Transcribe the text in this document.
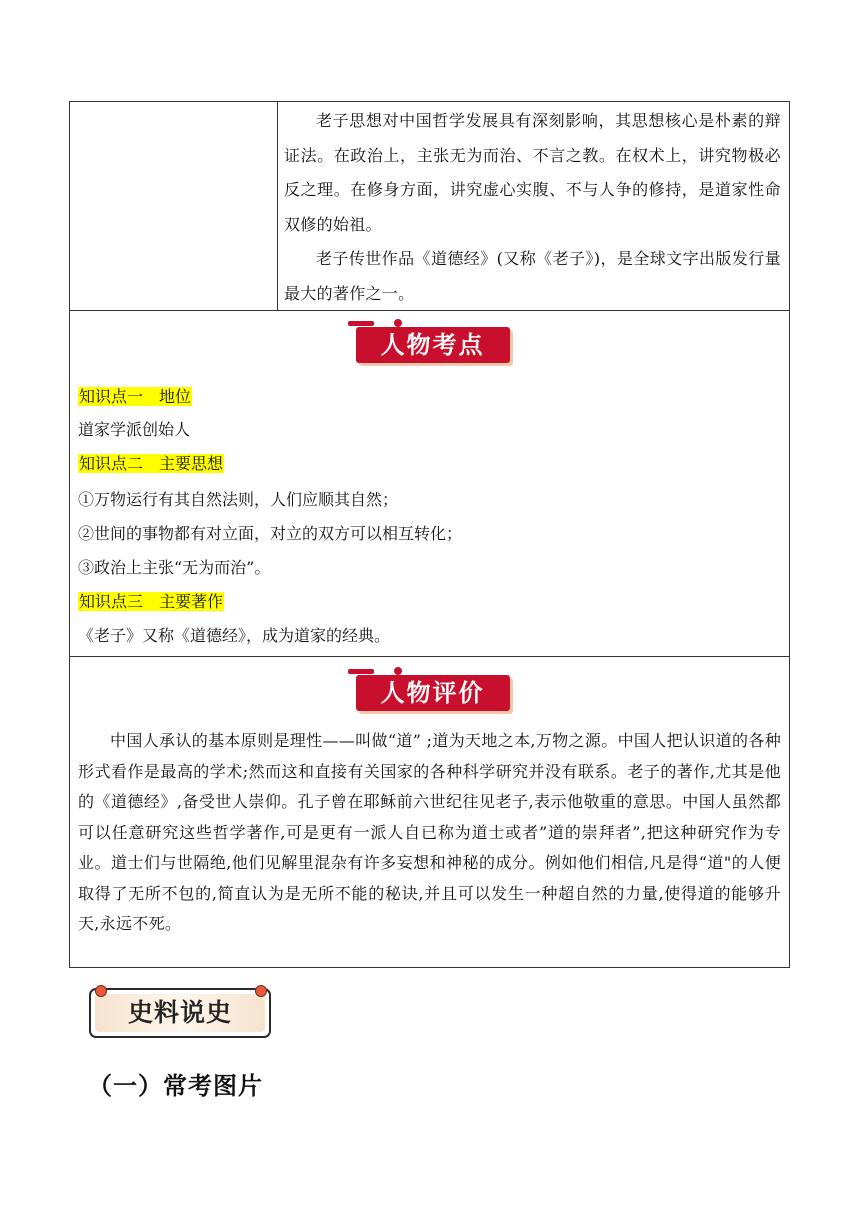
老子思想对中国哲学发展具有深刻影响，其思想核心是朴素的辩证法。在政治上，主张无为而治、不言之教。在权术上，讲究物极必反之理。在修身方面，讲究虚心实腹、不与人争的修持，是道家性命双修的始祖。

老子传世作品《道德经》(又称《老子》)，是全球文字出版发行量最大的著作之一。

人物考点
知识点一　地位
道家学派创始人
知识点二　主要思想
①万物运行有其自然法则，人们应顺其自然；
②世间的事物都有对立面，对立的双方可以相互转化；
③政治上主张“无为而治”。
知识点三　主要著作
《老子》又称《道德经》，成为道家的经典。
人物评价

中国人承认的基本原则是理性——叫做“道” ;道为天地之本,万物之源。中国人把认识道的各种形式看作是最高的学术;然而这和直接有关国家的各种科学研究并没有联系。老子的著作,尤其是他的《道德经》,备受世人崇仰。孔子曾在耶稣前六世纪往见老子,表示他敬重的意思。中国人虽然都可以任意研究这些哲学著作,可是更有一派人自已称为道士或者”道的崇拜者”,把这种研究作为专业。道士们与世隔绝,他们见解里混杂有许多妄想和神秘的成分。例如他们相信,凡是得“道"的人便取得了无所不包的,简直认为是无所不能的秘诀,并且可以发生一种超自然的力量,使得道的能够升天,永远不死。

史料说史
（一）常考图片
